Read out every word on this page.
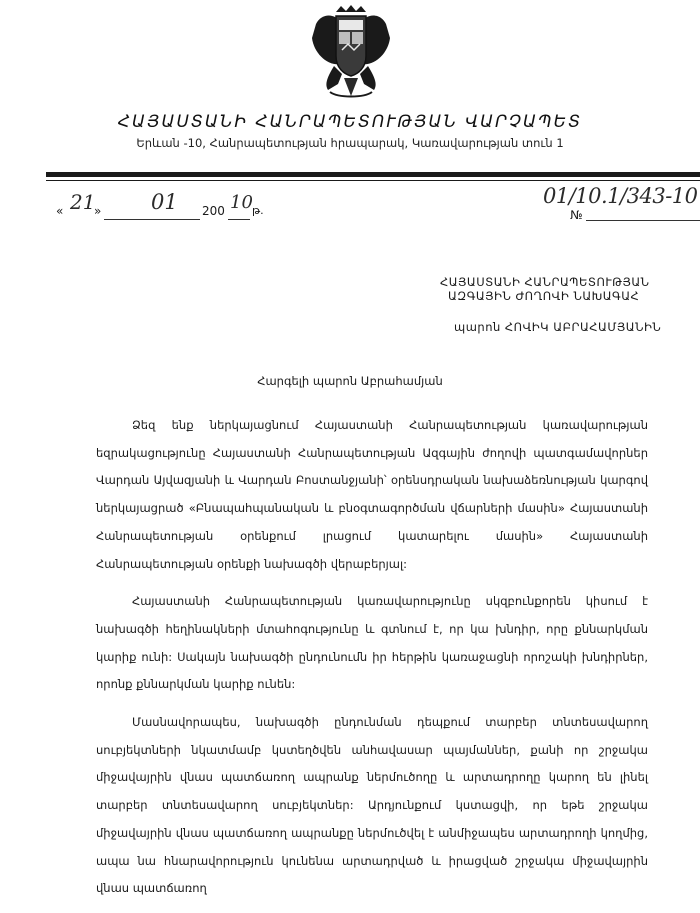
ՀԱՅԱՍՏԱՆԻ ՀԱՆՐԱՊԵՏՈՒԹՅԱՆ ՎԱՐՉԱՊԵՏ
Երևան -10, Հանրապետության հրապարակ, Կառավարության տուն 1
« 21
» 01 200 10 թ.
01/10.1/343-10
№
ՀԱՅԱՍՏԱՆԻ ՀԱՆՐԱՊԵՏՈՒԹՅԱՆ
ԱԶԳԱՅԻՆ ԺՈՂՈՎԻ ՆԱԽԱԳԱՀ
պարոն ՀՈՎԻԿ ԱԲՐԱՀԱՄՅԱՆԻՆ
Հարգելի պարոն Աբրահամյան

Ձեզ ենք ներկայացնում Հայաստանի Հանրապետության կառավարության եզրակացությունը Հայաստանի Հանրապետության Ազգային ժողովի պատգամավորներ Վարդան Այվազյանի և Վարդան Բոստանջյանի՝ օրենսդրական նախաձեռնության կարգով ներկայացրած «Բնապահպանական և բնօգտագործման վճարների մասին» Հայաստանի Հանրապետության օրենքում լրացում կատարելու մասին» Հայաստանի Հանրապետության օրենքի նախագծի վերաբերյալ:

Հայաստանի Հանրապետության կառավարությունը սկզբունքորեն կիսում է նախագծի հեղինակների մտահոգությունը և գտնում է, որ կա խնդիր, որը քննարկման կարիք ունի: Սակայն նախագծի ընդունումն իր հերթին կառաջացնի որոշակի խնդիրներ, որոնք քննարկման կարիք ունեն:

Մասնավորապես, նախագծի ընդունման դեպքում տարբեր տնտեսավարող սուբյեկտների նկատմամբ կստեղծվեն անհավասար պայմաններ, քանի որ շրջակա միջավայրին վնաս պատճառող ապրանք ներմուծողը և արտադրողը կարող են լինել տարբեր տնտեսավարող սուբյեկտներ: Արդյունքում կստացվի, որ եթե շրջակա միջավայրին վնաս պատճառող ապրանքը ներմուծվել է անմիջապես արտադրողի կողմից, ապա նա հնարավորություն կունենա արտադրված և իրացված շրջակա միջավայրին վնաս պատճառող
